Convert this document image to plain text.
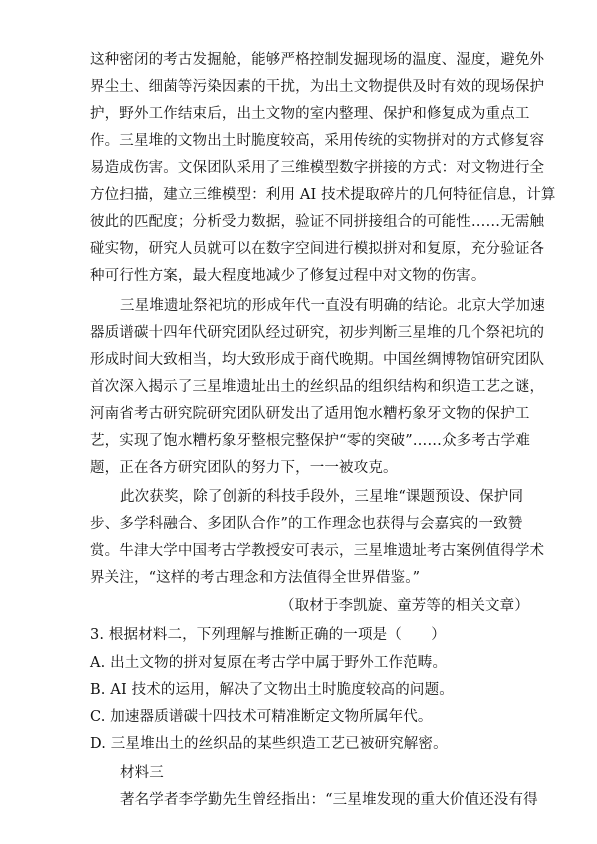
这种密闭的考古发掘舱，能够严格控制发掘现场的温度、湿度，避免外
界尘土、细菌等污染因素的干扰，为出土文物提供及时有效的现场保护
护，野外工作结束后，出土文物的室内整理、保护和修复成为重点工
作。三星堆的文物出土时脆度较高，采用传统的实物拼对的方式修复容
易造成伤害。文保团队采用了三维模型数字拼接的方式：对文物进行全
方位扫描，建立三维模型：利用 AI 技术提取碎片的几何特征信息，计算
彼此的匹配度；分析受力数据，验证不同拼接组合的可能性……无需触
碰实物，研究人员就可以在数字空间进行模拟拼对和复原，充分验证各
种可行性方案，最大程度地减少了修复过程中对文物的伤害。
三星堆遗址祭祀坑的形成年代一直没有明确的结论。北京大学加速
器质谱碳十四年代研究团队经过研究，初步判断三星堆的几个祭祀坑的
形成时间大致相当，均大致形成于商代晚期。中国丝绸博物馆研究团队
首次深入揭示了三星堆遗址出土的丝织品的组织结构和织造工艺之谜，
河南省考古研究院研究团队研发出了适用饱水糟朽象牙文物的保护工
艺，实现了饱水糟朽象牙整根完整保护“零的突破”……众多考古学难
题，正在各方研究团队的努力下，一一被攻克。
此次获奖，除了创新的科技手段外，三星堆“课题预设、保护同
步、多学科融合、多团队合作”的工作理念也获得与会嘉宾的一致赞
赏。牛津大学中国考古学教授安可表示，三星堆遗址考古案例值得学术
界关注，“这样的考古理念和方法值得全世界借鉴。”
（取材于李凯旋、童芳等的相关文章）
3. 根据材料二，下列理解与推断正确的一项是（　　）
A. 出土文物的拼对复原在考古学中属于野外工作范畴。
B. AI 技术的运用，解决了文物出土时脆度较高的问题。
C. 加速器质谱碳十四技术可精准断定文物所属年代。
D. 三星堆出土的丝织品的某些织造工艺已被研究解密。
材料三
著名学者李学勤先生曾经指出：“三星堆发现的重大价值还没有得
